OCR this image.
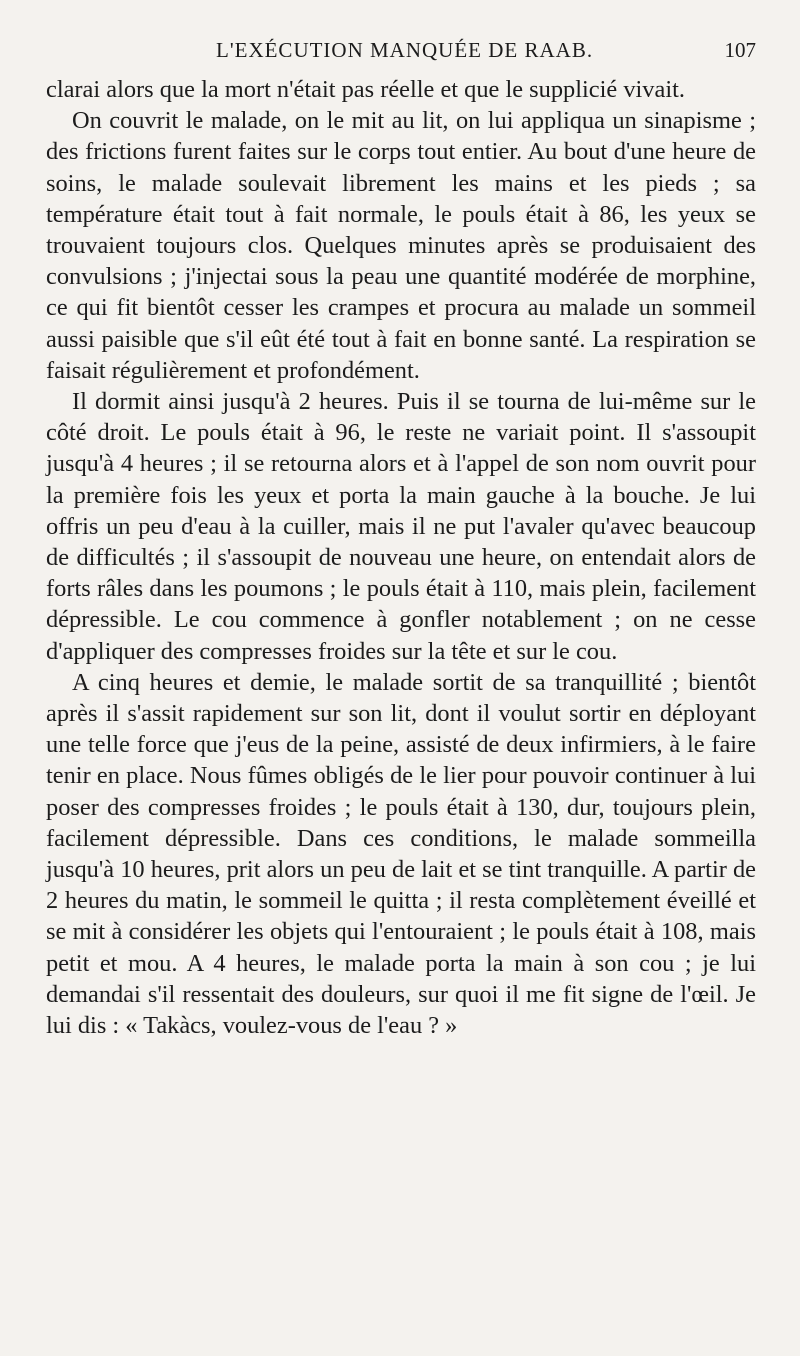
L'EXÉCUTION MANQUÉE DE RAAB.	107

clarai alors que la mort n'était pas réelle et que le supplicié vivait.

On couvrit le malade, on le mit au lit, on lui appliqua un sinapisme ; des frictions furent faites sur le corps tout entier. Au bout d'une heure de soins, le malade soulevait librement les mains et les pieds ; sa température était tout à fait normale, le pouls était à 86, les yeux se trouvaient toujours clos. Quelques minutes après se produisaient des convulsions ; j'injectai sous la peau une quantité modérée de morphine, ce qui fit bientôt cesser les crampes et procura au malade un sommeil aussi paisible que s'il eût été tout à fait en bonne santé. La respiration se faisait régulièrement et profondément.

Il dormit ainsi jusqu'à 2 heures. Puis il se tourna de lui-même sur le côté droit. Le pouls était à 96, le reste ne variait point. Il s'assoupit jusqu'à 4 heures ; il se retourna alors et à l'appel de son nom ouvrit pour la première fois les yeux et porta la main gauche à la bouche. Je lui offris un peu d'eau à la cuiller, mais il ne put l'avaler qu'avec beaucoup de difficultés ; il s'assoupit de nouveau une heure, on entendait alors de forts râles dans les poumons ; le pouls était à 110, mais plein, facilement dépressible. Le cou commence à gonfler notablement ; on ne cesse d'appliquer des compresses froides sur la tête et sur le cou.

A cinq heures et demie, le malade sortit de sa tranquillité ; bientôt après il s'assit rapidement sur son lit, dont il voulut sortir en déployant une telle force que j'eus de la peine, assisté de deux infirmiers, à le faire tenir en place. Nous fûmes obligés de le lier pour pouvoir continuer à lui poser des compresses froides ; le pouls était à 130, dur, toujours plein, facilement dépressible. Dans ces conditions, le malade sommeilla jusqu'à 10 heures, prit alors un peu de lait et se tint tranquille. A partir de 2 heures du matin, le sommeil le quitta ; il resta complètement éveillé et se mit à considérer les objets qui l'entouraient ; le pouls était à 108, mais petit et mou. A 4 heures, le malade porta la main à son cou ; je lui demandai s'il ressentait des douleurs, sur quoi il me fit signe de l'œil. Je lui dis : « Takàcs, voulez-vous de l'eau ? »
